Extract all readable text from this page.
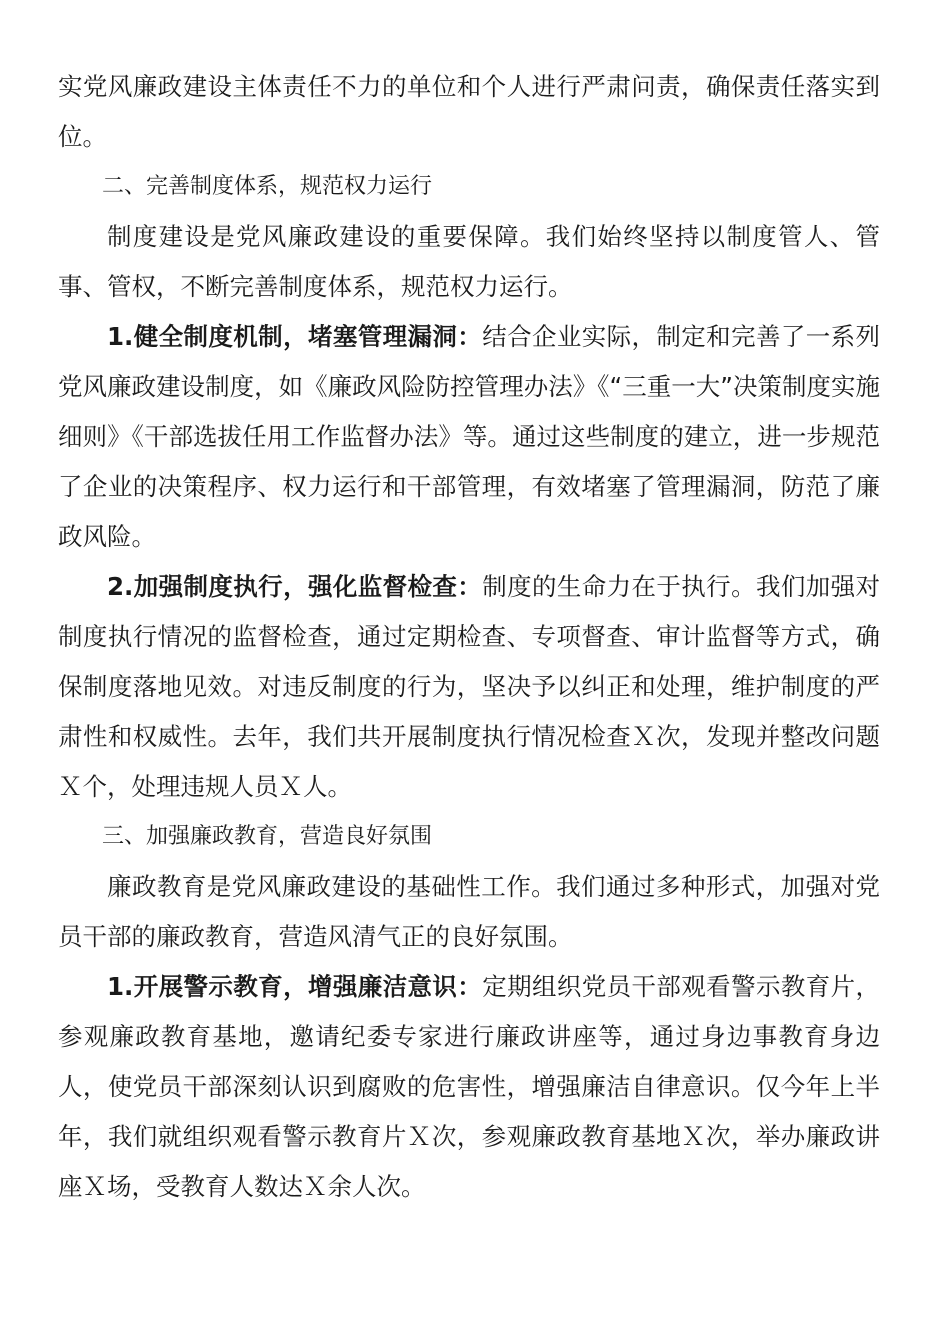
实党风廉政建设主体责任不力的单位和个人进行严肃问责，确保责任落实到位。

二、完善制度体系，规范权力运行

制度建设是党风廉政建设的重要保障。我们始终坚持以制度管人、管事、管权，不断完善制度体系，规范权力运行。

1.健全制度机制，堵塞管理漏洞：结合企业实际，制定和完善了一系列党风廉政建设制度，如《廉政风险防控管理办法》《“三重一大”决策制度实施细则》《干部选拔任用工作监督办法》等。通过这些制度的建立，进一步规范了企业的决策程序、权力运行和干部管理，有效堵塞了管理漏洞，防范了廉政风险。

2.加强制度执行，强化监督检查：制度的生命力在于执行。我们加强对制度执行情况的监督检查，通过定期检查、专项督查、审计监督等方式，确保制度落地见效。对违反制度的行为，坚决予以纠正和处理，维护制度的严肃性和权威性。去年，我们共开展制度执行情况检查Ｘ次，发现并整改问题Ｘ个，处理违规人员Ｘ人。

三、加强廉政教育，营造良好氛围

廉政教育是党风廉政建设的基础性工作。我们通过多种形式，加强对党员干部的廉政教育，营造风清气正的良好氛围。

1.开展警示教育，增强廉洁意识：定期组织党员干部观看警示教育片，参观廉政教育基地，邀请纪委专家进行廉政讲座等，通过身边事教育身边人，使党员干部深刻认识到腐败的危害性，增强廉洁自律意识。仅今年上半年，我们就组织观看警示教育片Ｘ次，参观廉政教育基地Ｘ次，举办廉政讲座Ｘ场，受教育人数达Ｘ余人次。
